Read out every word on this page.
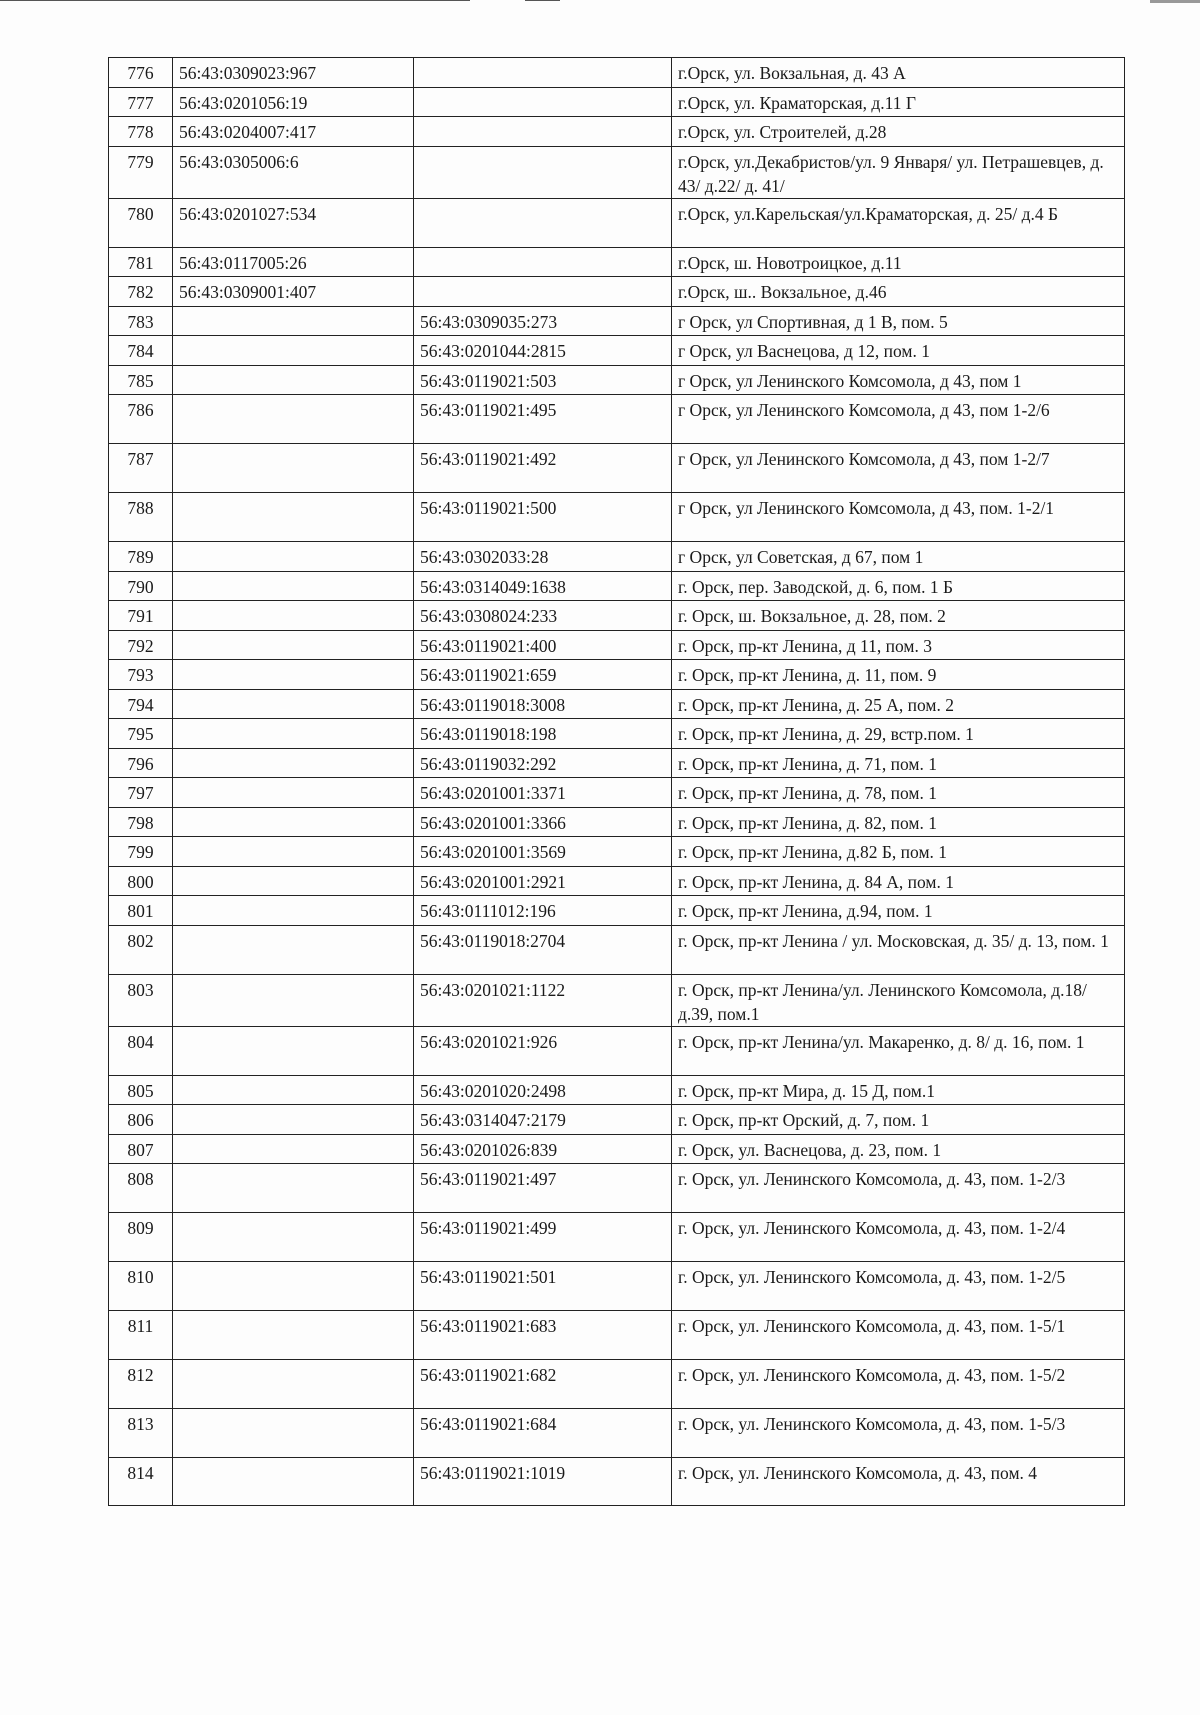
776	56:43:0309023:967		г.Орск, ул. Вокзальная, д. 43 А
777	56:43:0201056:19		г.Орск, ул. Краматорская, д.11 Г
778	56:43:0204007:417		г.Орск, ул. Строителей, д.28
779	56:43:0305006:6		г.Орск, ул.Декабристов/ул. 9 Января/ ул. Петрашевцев, д. 43/ д.22/ д. 41/
780	56:43:0201027:534		г.Орск, ул.Карельская/ул.Краматорская, д. 25/ д.4 Б
781	56:43:0117005:26		г.Орск, ш. Новотроицкое, д.11
782	56:43:0309001:407		г.Орск, ш.. Вокзальное, д.46
783		56:43:0309035:273	г Орск, ул Спортивная, д 1 В, пом. 5
784		56:43:0201044:2815	г Орск, ул Васнецова, д 12, пом. 1
785		56:43:0119021:503	г Орск, ул Ленинского Комсомола, д 43, пом 1
786		56:43:0119021:495	г Орск, ул Ленинского Комсомола, д 43, пом 1-2/6
787		56:43:0119021:492	г Орск, ул Ленинского Комсомола, д 43, пом 1-2/7
788		56:43:0119021:500	г Орск, ул Ленинского Комсомола, д 43, пом. 1-2/1
789		56:43:0302033:28	г Орск, ул Советская, д 67, пом 1
790		56:43:0314049:1638	г. Орск, пер. Заводской, д. 6, пом. 1 Б
791		56:43:0308024:233	г. Орск, ш. Вокзальное, д. 28, пом. 2
792		56:43:0119021:400	г. Орск, пр-кт Ленина, д 11, пом. 3
793		56:43:0119021:659	г. Орск, пр-кт Ленина, д. 11, пом. 9
794		56:43:0119018:3008	г. Орск, пр-кт Ленина, д. 25 А, пом. 2
795		56:43:0119018:198	г. Орск, пр-кт Ленина, д. 29, встр.пом. 1
796		56:43:0119032:292	г. Орск, пр-кт Ленина, д. 71, пом. 1
797		56:43:0201001:3371	г. Орск, пр-кт Ленина, д. 78, пом. 1
798		56:43:0201001:3366	г. Орск, пр-кт Ленина, д. 82, пом. 1
799		56:43:0201001:3569	г. Орск, пр-кт Ленина, д.82 Б, пом. 1
800		56:43:0201001:2921	г. Орск, пр-кт Ленина, д. 84 А, пом. 1
801		56:43:0111012:196	г. Орск, пр-кт Ленина, д.94, пом. 1
802		56:43:0119018:2704	г. Орск, пр-кт Ленина / ул. Московская, д. 35/ д. 13, пом. 1
803		56:43:0201021:1122	г. Орск, пр-кт Ленина/ул. Ленинского Комсомола, д.18/ д.39, пом.1
804		56:43:0201021:926	г. Орск, пр-кт Ленина/ул. Макаренко, д. 8/ д. 16, пом. 1
805		56:43:0201020:2498	г. Орск, пр-кт Мира, д. 15 Д, пом.1
806		56:43:0314047:2179	г. Орск, пр-кт Орский, д. 7, пом. 1
807		56:43:0201026:839	г. Орск, ул. Васнецова, д. 23, пом. 1
808		56:43:0119021:497	г. Орск, ул. Ленинского Комсомола, д. 43, пом. 1-2/3
809		56:43:0119021:499	г. Орск, ул. Ленинского Комсомола, д. 43, пом. 1-2/4
810		56:43:0119021:501	г. Орск, ул. Ленинского Комсомола, д. 43, пом. 1-2/5
811		56:43:0119021:683	г. Орск, ул. Ленинского Комсомола, д. 43, пом. 1-5/1
812		56:43:0119021:682	г. Орск, ул. Ленинского Комсомола, д. 43, пом. 1-5/2
813		56:43:0119021:684	г. Орск, ул. Ленинского Комсомола, д. 43, пом. 1-5/3
814		56:43:0119021:1019	г. Орск, ул. Ленинского Комсомола, д. 43, пом. 4
